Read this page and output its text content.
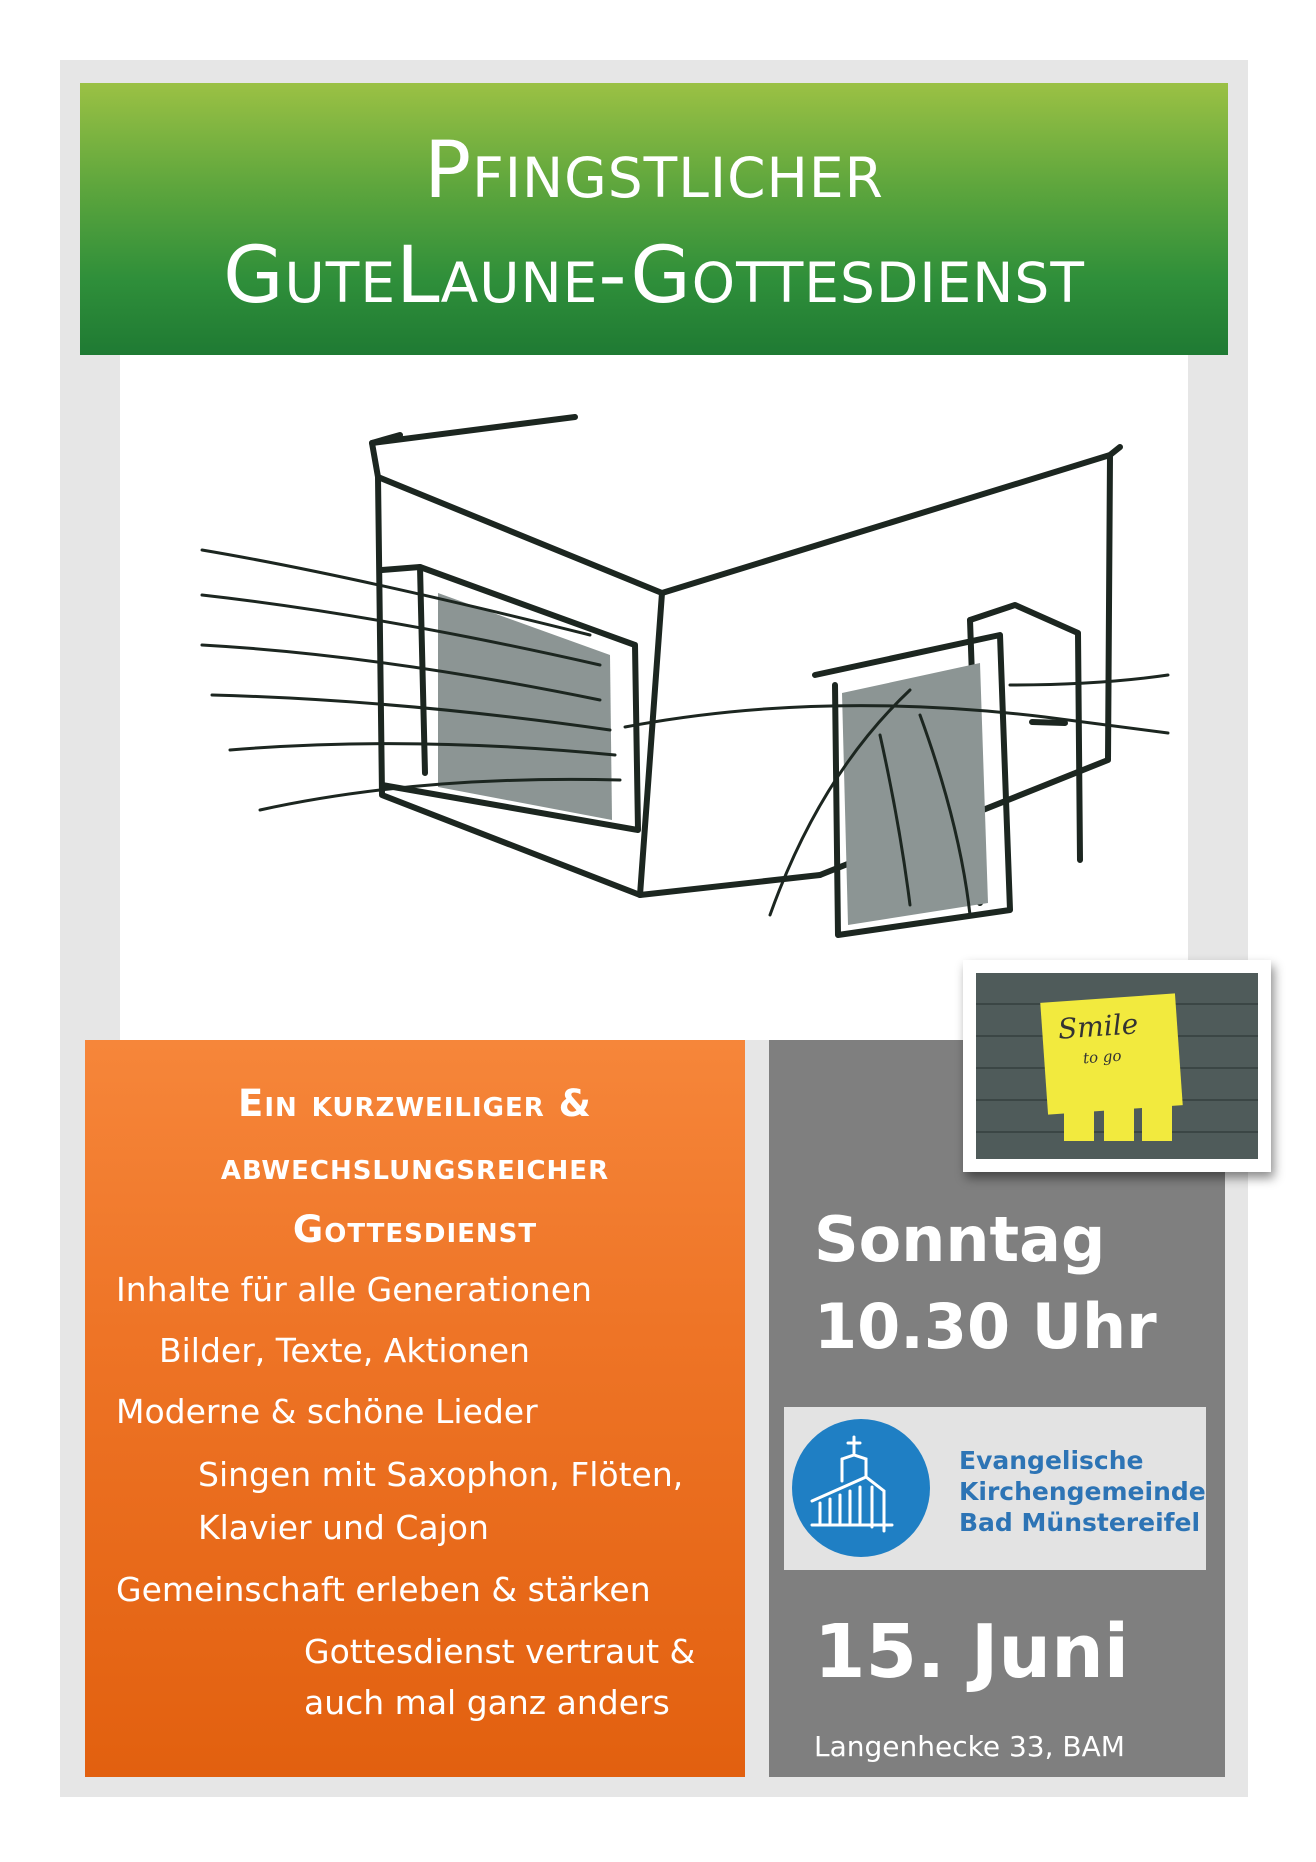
Pfingstlicher
GuteLaune-Gottesdienst
Ein kurzweiliger &
abwechslungsreicher
Gottesdienst
Inhalte für alle Generationen
Bilder, Texte, Aktionen
Moderne & schöne Lieder
Singen mit Saxophon, Flöten,
Klavier und Cajon
Gemeinschaft erleben & stärken
Gottesdienst vertraut &
auch mal ganz anders
Sonntag
10.30 Uhr
Evangelische
Kirchengemeinde
Bad Münstereifel
15. Juni
Langenhecke 33, BAM
Smile
to go
